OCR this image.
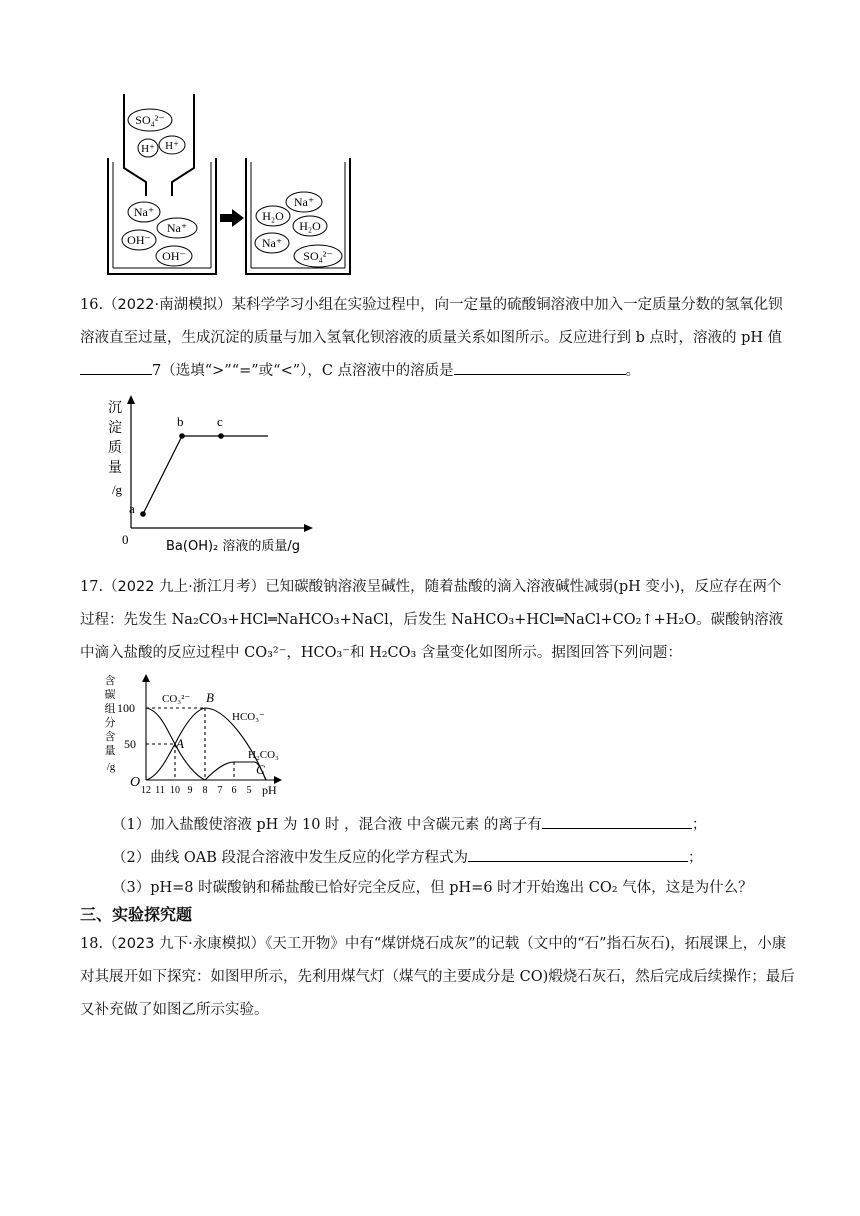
SO₄²⁻
H⁺ H⁺
Na⁺
Na⁺
OH⁻
OH⁻
Na⁺
H₂O
H₂O
Na⁺
SO₄²⁻

16.（2022·南湖模拟）某科学学习小组在实验过程中，向一定量的硫酸铜溶液中加入一定质量分数的氢氧化钡溶液直至过量，生成沉淀的质量与加入氢氧化钡溶液的质量关系如图所示。反应进行到 b 点时，溶液的 pH 值7（选填“>”“=”或“<”），C 点溶液中的溶质是	。

a
b	c
0	Ba(OH)₂ 溶液的质量/g
沉
淀
质
量
/g

17.（2022 九上·浙江月考）已知碳酸钠溶液呈碱性，随着盐酸的滴入溶液碱性减弱(pH 变小)，反应存在两个过程：先发生 Na₂CO₃+HCl═NaHCO₃+NaCl，后发生 NaHCO₃+HCl═NaCl+CO₂↑+H₂O。碳酸钠溶液中滴入盐酸的反应过程中 CO₃²⁻，HCO₃⁻和 H₂CO₃ 含量变化如图所示。据图回答下列问题：

100
50
O	pH
CO₃²⁻
HCO₃⁻
H₂CO₃
A
B
C
12 11 10 9 8 7 6 5
含
碳
组
分
含
量
/g
（1）加入盐酸使溶液 pH 为 10 时 ，混合液 中含碳元素 的离子有	；
（2）曲线 OAB 段混合溶液中发生反应的化学方程式为	；
（3）pH=8 时碳酸钠和稀盐酸已恰好完全反应，但 pH=6 时才开始逸出 CO₂ 气体，这是为什么？
三、实验探究题

18.（2023 九下·永康模拟）《天工开物》中有“煤饼烧石成灰”的记载（文中的“石”指石灰石)，拓展课上，小康对其展开如下探究：如图甲所示，先利用煤气灯（煤气的主要成分是 CO)煅烧石灰石，然后完成后续操作；最后又补充做了如图乙所示实验。
